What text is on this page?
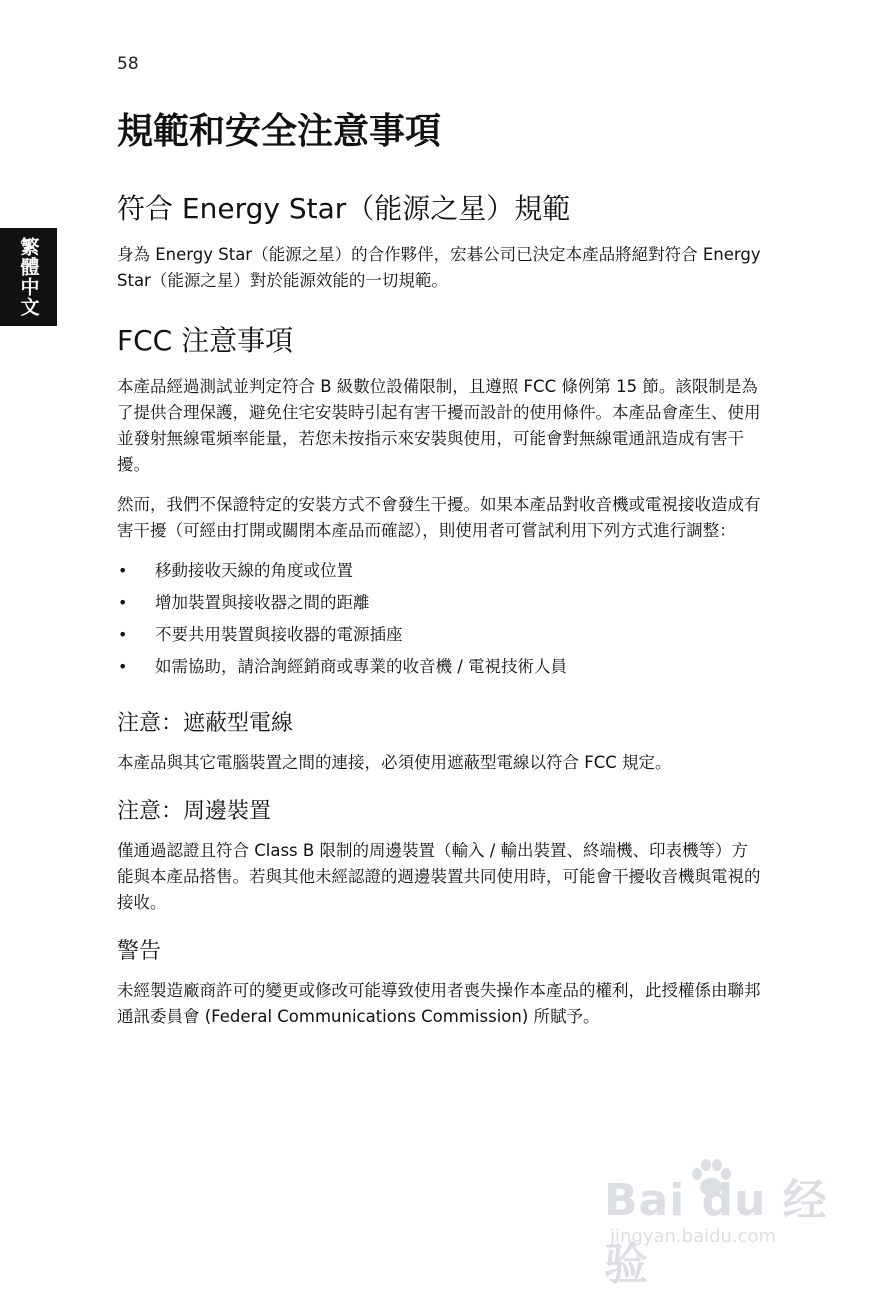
58
繁體中文
規範和安全注意事項
符合 Energy Star（能源之星）規範

身為 Energy Star（能源之星）的合作夥伴，宏碁公司已決定本產品將絕對符合 Energy Star（能源之星）對於能源效能的一切規範。

FCC 注意事項

本產品經過測試並判定符合 B 級數位設備限制，且遵照 FCC 條例第 15 節。該限制是為了提供合理保護，避免住宅安裝時引起有害干擾而設計的使用條件。本產品會產生、使用並發射無線電頻率能量，若您未按指示來安裝與使用，可能會對無線電通訊造成有害干擾。

然而，我們不保證特定的安裝方式不會發生干擾。如果本產品對收音機或電視接收造成有害干擾（可經由打開或關閉本產品而確認），則使用者可嘗試利用下列方式進行調整：

• 移動接收天線的角度或位置
• 增加裝置與接收器之間的距離
• 不要共用裝置與接收器的電源插座
• 如需協助，請洽詢經銷商或專業的收音機 / 電視技術人員
注意：遮蔽型電線

本產品與其它電腦裝置之間的連接，必須使用遮蔽型電線以符合 FCC 規定。

注意：周邊裝置

僅通過認證且符合 Class B 限制的周邊裝置（輸入 / 輸出裝置、終端機、印表機等）方能與本產品搭售。若與其他未經認證的週邊裝置共同使用時，可能會干擾收音機與電視的接收。

警告

未經製造廠商許可的變更或修改可能導致使用者喪失操作本產品的權利，此授權係由聯邦通訊委員會 (Federal Communications Commission) 所賦予。

Bai du 经验
jingyan.baidu.com
